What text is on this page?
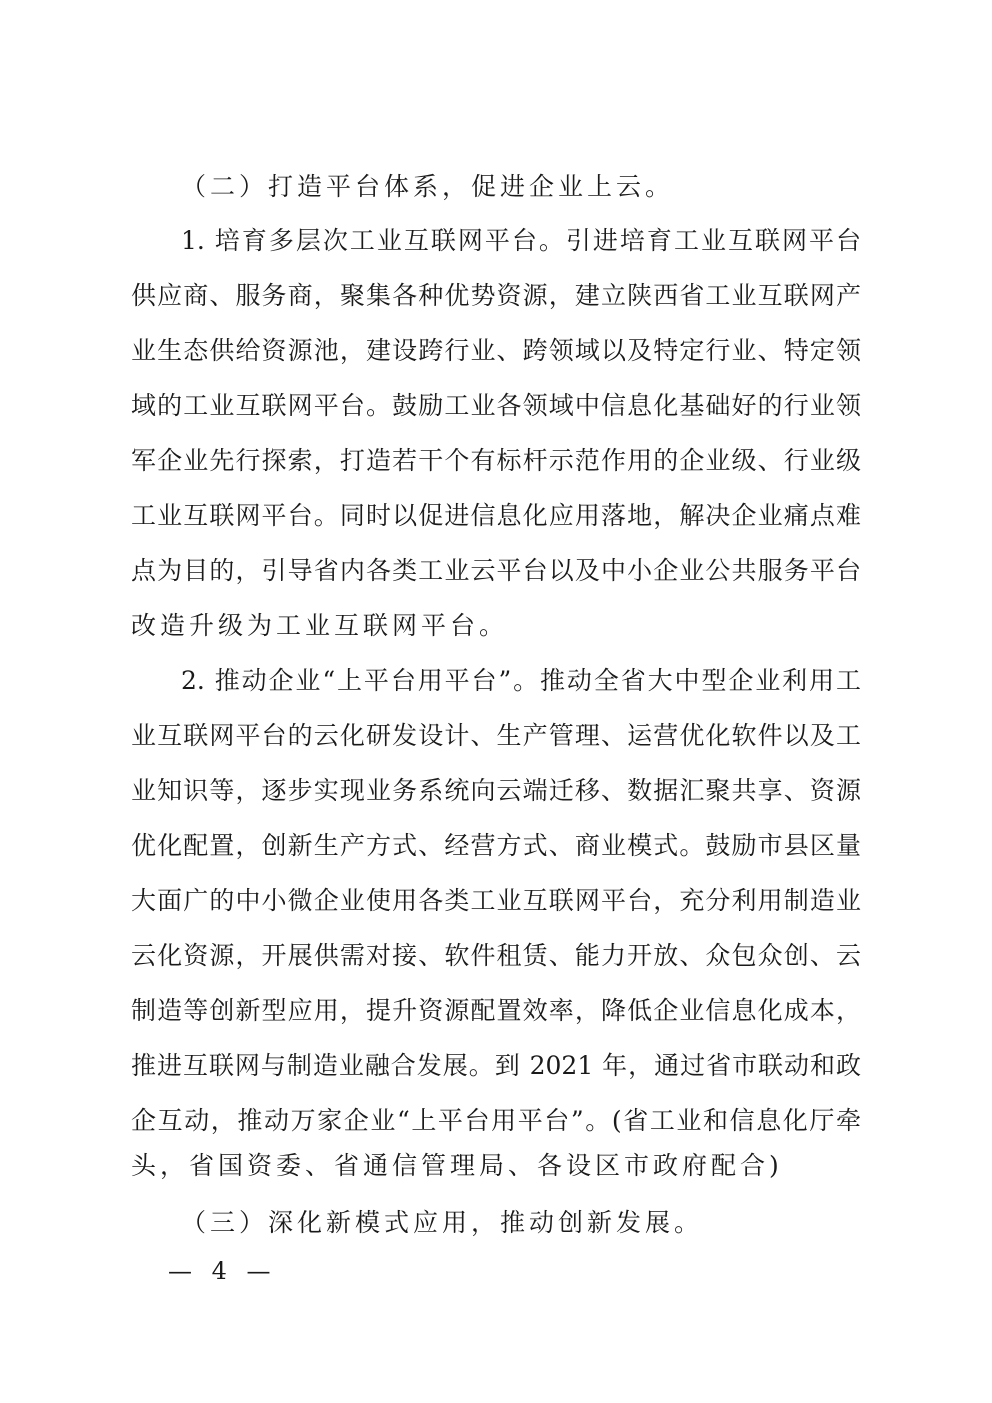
（二）打造平台体系，促进企业上云。
1. 培育多层次工业互联网平台。引进培育工业互联网平台
供应商、服务商，聚集各种优势资源，建立陕西省工业互联网产
业生态供给资源池，建设跨行业、跨领域以及特定行业、特定领
域的工业互联网平台。鼓励工业各领域中信息化基础好的行业领
军企业先行探索，打造若干个有标杆示范作用的企业级、行业级
工业互联网平台。同时以促进信息化应用落地，解决企业痛点难
点为目的，引导省内各类工业云平台以及中小企业公共服务平台
改造升级为工业互联网平台。
2. 推动企业“上平台用平台”。推动全省大中型企业利用工
业互联网平台的云化研发设计、生产管理、运营优化软件以及工
业知识等，逐步实现业务系统向云端迁移、数据汇聚共享、资源
优化配置，创新生产方式、经营方式、商业模式。鼓励市县区量
大面广的中小微企业使用各类工业互联网平台，充分利用制造业
云化资源，开展供需对接、软件租赁、能力开放、众包众创、云
制造等创新型应用，提升资源配置效率，降低企业信息化成本，
推进互联网与制造业融合发展。到 2021 年，通过省市联动和政
企互动，推动万家企业“上平台用平台”。(省工业和信息化厅牵
头，省国资委、省通信管理局、各设区市政府配合)
（三）深化新模式应用，推动创新发展。
— 4 —
